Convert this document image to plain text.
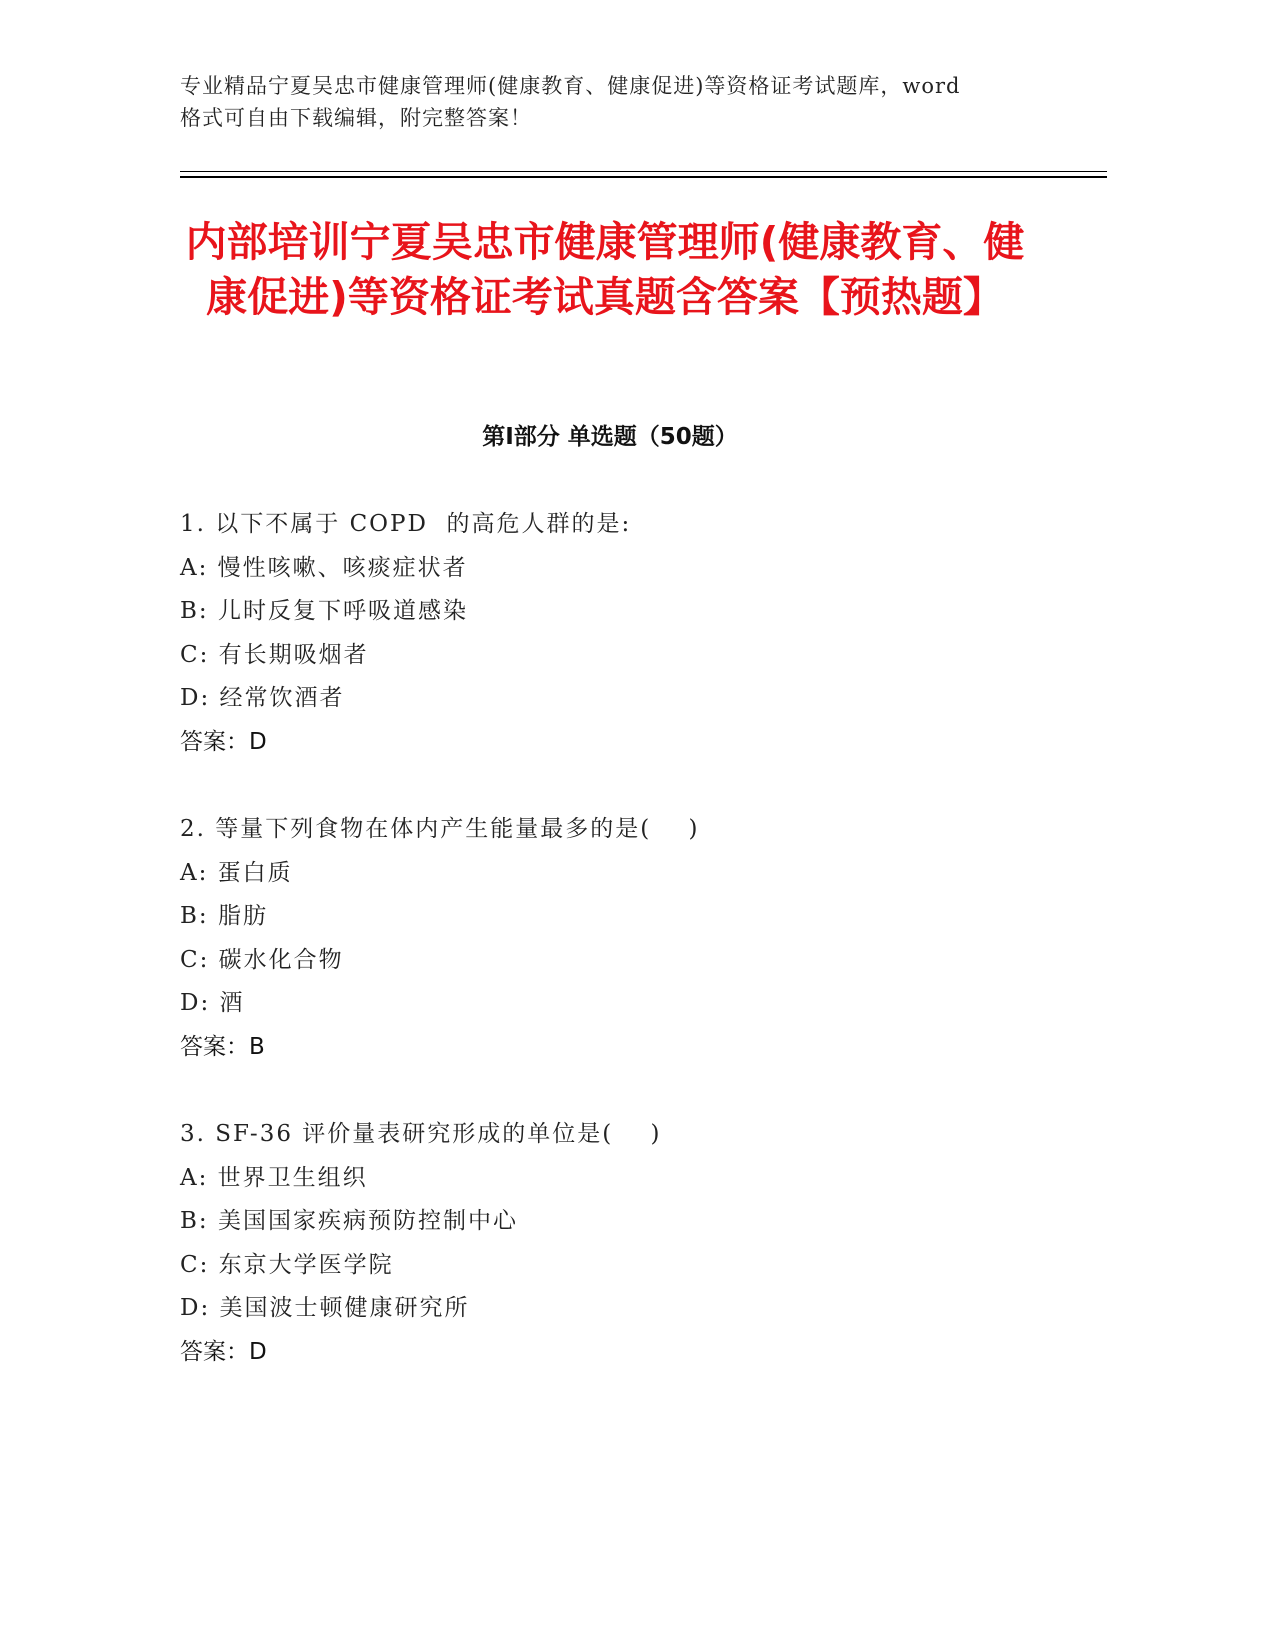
专业精品宁夏吴忠市健康管理师(健康教育、健康促进)等资格证考试题库，word
格式可自由下载编辑，附完整答案！
内部培训宁夏吴忠市健康管理师(健康教育、健康促进)等资格证考试真题含答案【预热题】
第Ⅰ部分 单选题（50题）
1. 以下不属于 COPD  的高危人群的是:
A: 慢性咳嗽、咳痰症状者
B: 儿时反复下呼吸道感染
C: 有长期吸烟者
D: 经常饮酒者
答案：D
2. 等量下列食物在体内产生能量最多的是(    )
A: 蛋白质
B: 脂肪
C: 碳水化合物
D: 酒
答案：B
3. SF-36 评价量表研究形成的单位是(    )
A: 世界卫生组织
B: 美国国家疾病预防控制中心
C: 东京大学医学院
D: 美国波士顿健康研究所
答案：D
